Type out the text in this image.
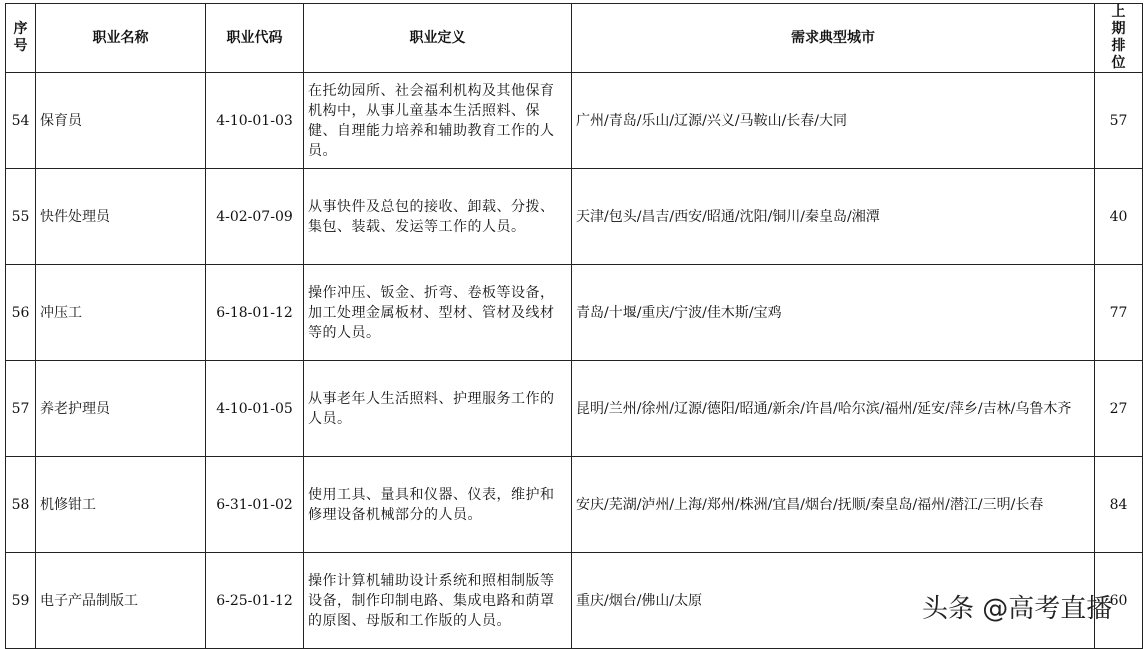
序号	职业名称	职业代码	职业定义	需求典型城市	上期排位
54	保育员	4-10-01-03	在托幼园所、社会福利机构及其他保育机构中，从事儿童基本生活照料、保健、自理能力培养和辅助教育工作的人员。	广州/青岛/乐山/辽源/兴义/马鞍山/长春/大同	57
55	快件处理员	4-02-07-09	从事快件及总包的接收、卸载、分拨、集包、装载、发运等工作的人员。	天津/包头/昌吉/西安/昭通/沈阳/铜川/秦皇岛/湘潭	40
56	冲压工	6-18-01-12	操作冲压、钣金、折弯、卷板等设备，加工处理金属板材、型材、管材及线材等的人员。	青岛/十堰/重庆/宁波/佳木斯/宝鸡	77
57	养老护理员	4-10-01-05	从事老年人生活照料、护理服务工作的人员。	昆明/兰州/徐州/辽源/德阳/昭通/新余/许昌/哈尔滨/福州/延安/萍乡/吉林/乌鲁木齐	27
58	机修钳工	6-31-01-02	使用工具、量具和仪器、仪表，维护和修理设备机械部分的人员。	安庆/芜湖/泸州/上海/郑州/株洲/宜昌/烟台/抚顺/秦皇岛/福州/潜江/三明/长春	84
59	电子产品制版工	6-25-01-12	操作计算机辅助设计系统和照相制版等设备，制作印制电路、集成电路和荫罩的原图、母版和工作版的人员。	重庆/烟台/佛山/太原	60
头条 @高考直播
